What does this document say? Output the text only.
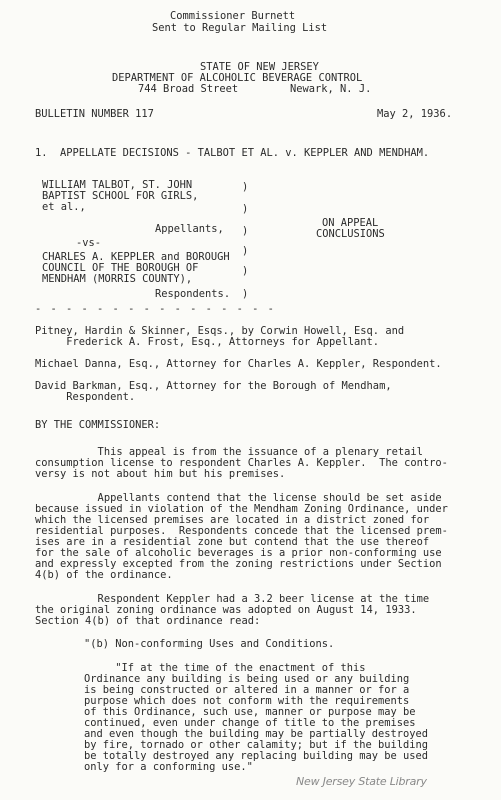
Commissioner Burnett
Sent to Regular Mailing List
STATE OF NEW JERSEY
DEPARTMENT OF ALCOHOLIC BEVERAGE CONTROL
744 Broad Street	Newark, N. J.
BULLETIN NUMBER 117	May 2, 1936.
1.  APPELLATE DECISIONS - TALBOT ET AL. v. KEPPLER AND MENDHAM.
WILLIAM TALBOT, ST. JOHN
BAPTIST SCHOOL FOR GIRLS,
et al.,
Appellants,
-vs-
CHARLES A. KEPPLER and BOROUGH
COUNCIL OF THE BOROUGH OF
MENDHAM (MORRIS COUNTY),
Respondents.
)
)
)
)
)
)
ON APPEAL
CONCLUSIONS
- - - - - - - - - - - - - - - -
Pitney, Hardin & Skinner, Esqs., by Corwin Howell, Esq. and
Frederick A. Frost, Esq., Attorneys for Appellant.
Michael Danna, Esq., Attorney for Charles A. Keppler, Respondent.
David Barkman, Esq., Attorney for the Borough of Mendham,
Respondent.
BY THE COMMISSIONER:
This appeal is from the issuance of a plenary retail
consumption license to respondent Charles A. Keppler.  The contro-
versy is not about him but his premises.
Appellants contend that the license should be set aside
because issued in violation of the Mendham Zoning Ordinance, under
which the licensed premises are located in a district zoned for
residential purposes.  Respondents concede that the licensed prem-
ises are in a residential zone but contend that the use thereof
for the sale of alcoholic beverages is a prior non-conforming use
and expressly excepted from the zoning restrictions under Section
4(b) of the ordinance.
Respondent Keppler had a 3.2 beer license at the time
the original zoning ordinance was adopted on August 14, 1933.
Section 4(b) of that ordinance read:
"(b) Non-conforming Uses and Conditions.
"If at the time of the enactment of this
Ordinance any building is being used or any building
is being constructed or altered in a manner or for a
purpose which does not conform with the requirements
of this Ordinance, such use, manner or purpose may be
continued, even under change of title to the premises
and even though the building may be partially destroyed
by fire, tornado or other calamity; but if the building
be totally destroyed any replacing building may be used
only for a conforming use."
New Jersey State Library
